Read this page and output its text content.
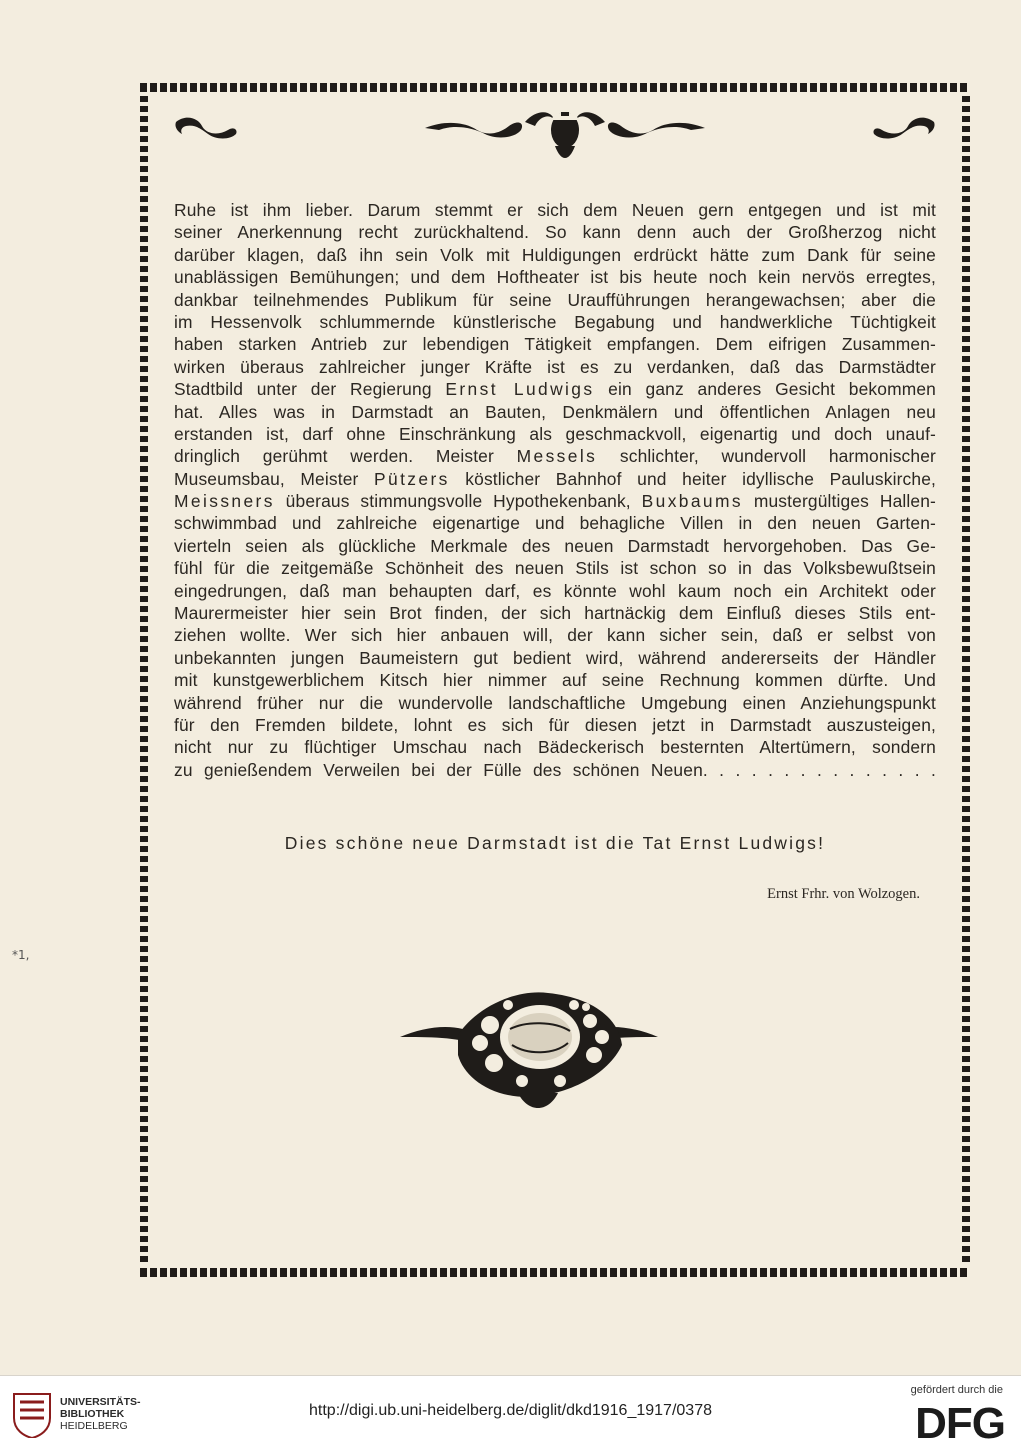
Ruhe ist ihm lieber. Darum stemmt er sich dem Neuen gern entgegen und ist mit
seiner Anerkennung recht zurückhaltend. So kann denn auch der Großherzog nicht
darüber klagen, daß ihn sein Volk mit Huldigungen erdrückt hätte zum Dank für seine
unablässigen Bemühungen; und dem Hoftheater ist bis heute noch kein nervös erregtes,
dankbar teilnehmendes Publikum für seine Uraufführungen herangewachsen; aber die
im Hessenvolk schlummernde künstlerische Begabung und handwerkliche Tüchtigkeit
haben starken Antrieb zur lebendigen Tätigkeit empfangen. Dem eifrigen Zusammen-
wirken überaus zahlreicher junger Kräfte ist es zu verdanken, daß das Darmstädter
Stadtbild unter der Regierung Ernst Ludwigs ein ganz anderes Gesicht bekommen
hat. Alles was in Darmstadt an Bauten, Denkmälern und öffentlichen Anlagen neu
erstanden ist, darf ohne Einschränkung als geschmackvoll, eigenartig und doch unauf-
dringlich gerühmt werden. Meister Messels schlichter, wundervoll harmonischer
Museumsbau, Meister Pützers köstlicher Bahnhof und heiter idyllische Pauluskirche,
Meissners überaus stimmungsvolle Hypothekenbank, Buxbaums mustergültiges Hallen-
schwimmbad und zahlreiche eigenartige und behagliche Villen in den neuen Garten-
vierteln seien als glückliche Merkmale des neuen Darmstadt hervorgehoben. Das Ge-
fühl für die zeitgemäße Schönheit des neuen Stils ist schon so in das Volksbewußtsein
eingedrungen, daß man behaupten darf, es könnte wohl kaum noch ein Architekt oder
Maurermeister hier sein Brot finden, der sich hartnäckig dem Einfluß dieses Stils ent-
ziehen wollte. Wer sich hier anbauen will, der kann sicher sein, daß er selbst von
unbekannten jungen Baumeistern gut bedient wird, während andererseits der Händler
mit kunstgewerblichem Kitsch hier nimmer auf seine Rechnung kommen dürfte. Und
während früher nur die wundervolle landschaftliche Umgebung einen Anziehungspunkt
für den Fremden bildete, lohnt es sich für diesen jetzt in Darmstadt auszusteigen,
nicht nur zu flüchtiger Umschau nach Bädeckerisch besternten Altertümern, sondern
zu genießendem Verweilen bei der Fülle des schönen Neuen. . . . . . . . . . . . . . .
Dies schöne neue Darmstadt ist die Tat Ernst Ludwigs!
Ernst Frhr. von Wolzogen.
*1,
UNIVERSITÄTS-
BIBLIOTHEK
HEIDELBERG
http://digi.ub.uni-heidelberg.de/diglit/dkd1916_1917/0378
gefördert durch die
DFG
